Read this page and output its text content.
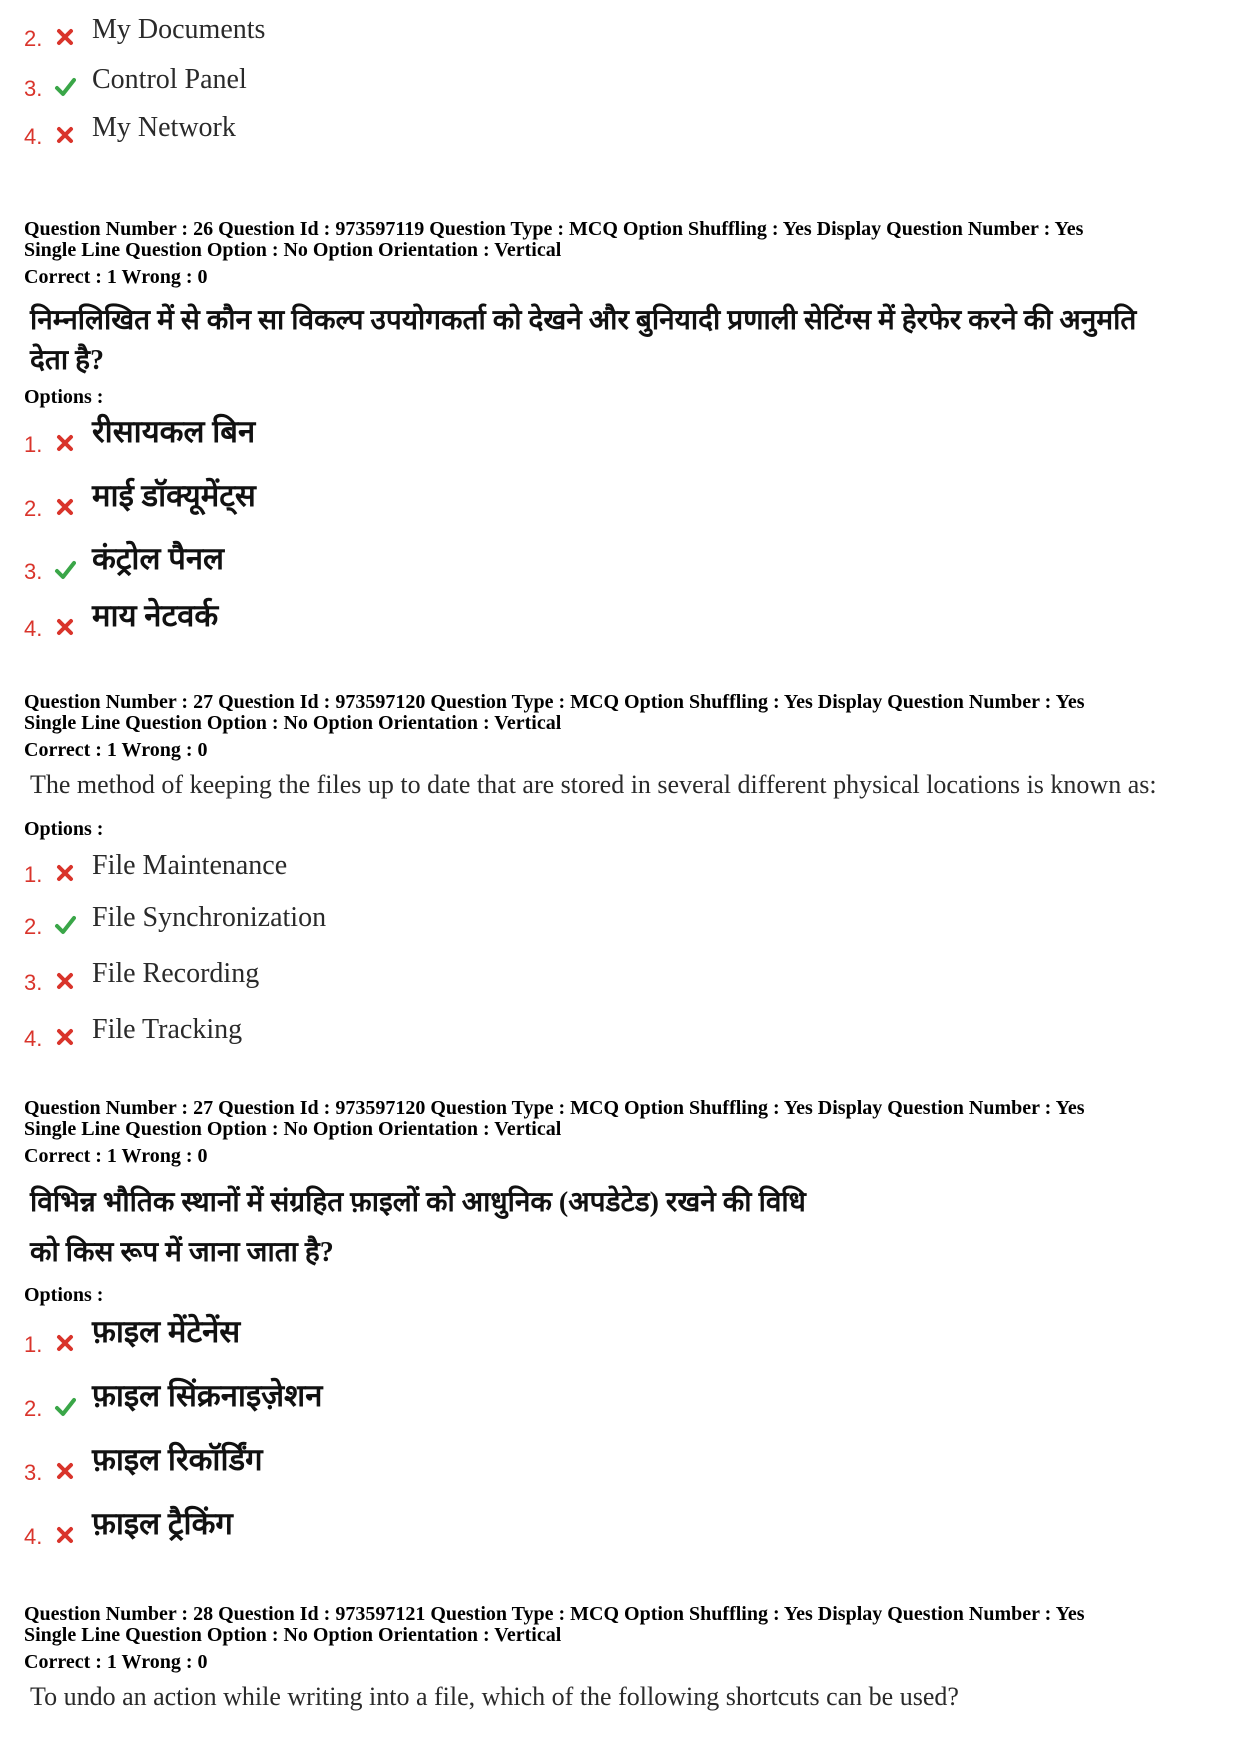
2. My Documents
3. Control Panel
4. My Network
Question Number : 26 Question Id : 973597119 Question Type : MCQ Option Shuffling : Yes Display Question Number : Yes
Single Line Question Option : No Option Orientation : Vertical
Correct : 1 Wrong : 0
निम्नलिखित में से कौन सा विकल्प उपयोगकर्ता को देखने और बुनियादी प्रणाली सेटिंग्स में हेरफेर करने की अनुमति
देता है?
Options :
1. रीसायकल बिन
2. माई डॉक्यूमेंट्स
3. कंट्रोल पैनल
4. माय नेटवर्क
Question Number : 27 Question Id : 973597120 Question Type : MCQ Option Shuffling : Yes Display Question Number : Yes
Single Line Question Option : No Option Orientation : Vertical
Correct : 1 Wrong : 0
The method of keeping the files up to date that are stored in several different physical locations is known as:
Options :
1. File Maintenance
2. File Synchronization
3. File Recording
4. File Tracking
Question Number : 27 Question Id : 973597120 Question Type : MCQ Option Shuffling : Yes Display Question Number : Yes
Single Line Question Option : No Option Orientation : Vertical
Correct : 1 Wrong : 0
विभिन्न भौतिक स्थानों में संग्रहित फ़ाइलों को आधुनिक (अपडेटेड) रखने की विधि
को किस रूप में जाना जाता है?
Options :
1. फ़ाइल मेंटेनेंस
2. फ़ाइल सिंक्रनाइज़ेशन
3. फ़ाइल रिकॉर्डिंग
4. फ़ाइल ट्रैकिंग
Question Number : 28 Question Id : 973597121 Question Type : MCQ Option Shuffling : Yes Display Question Number : Yes
Single Line Question Option : No Option Orientation : Vertical
Correct : 1 Wrong : 0
To undo an action while writing into a file, which of the following shortcuts can be used?
